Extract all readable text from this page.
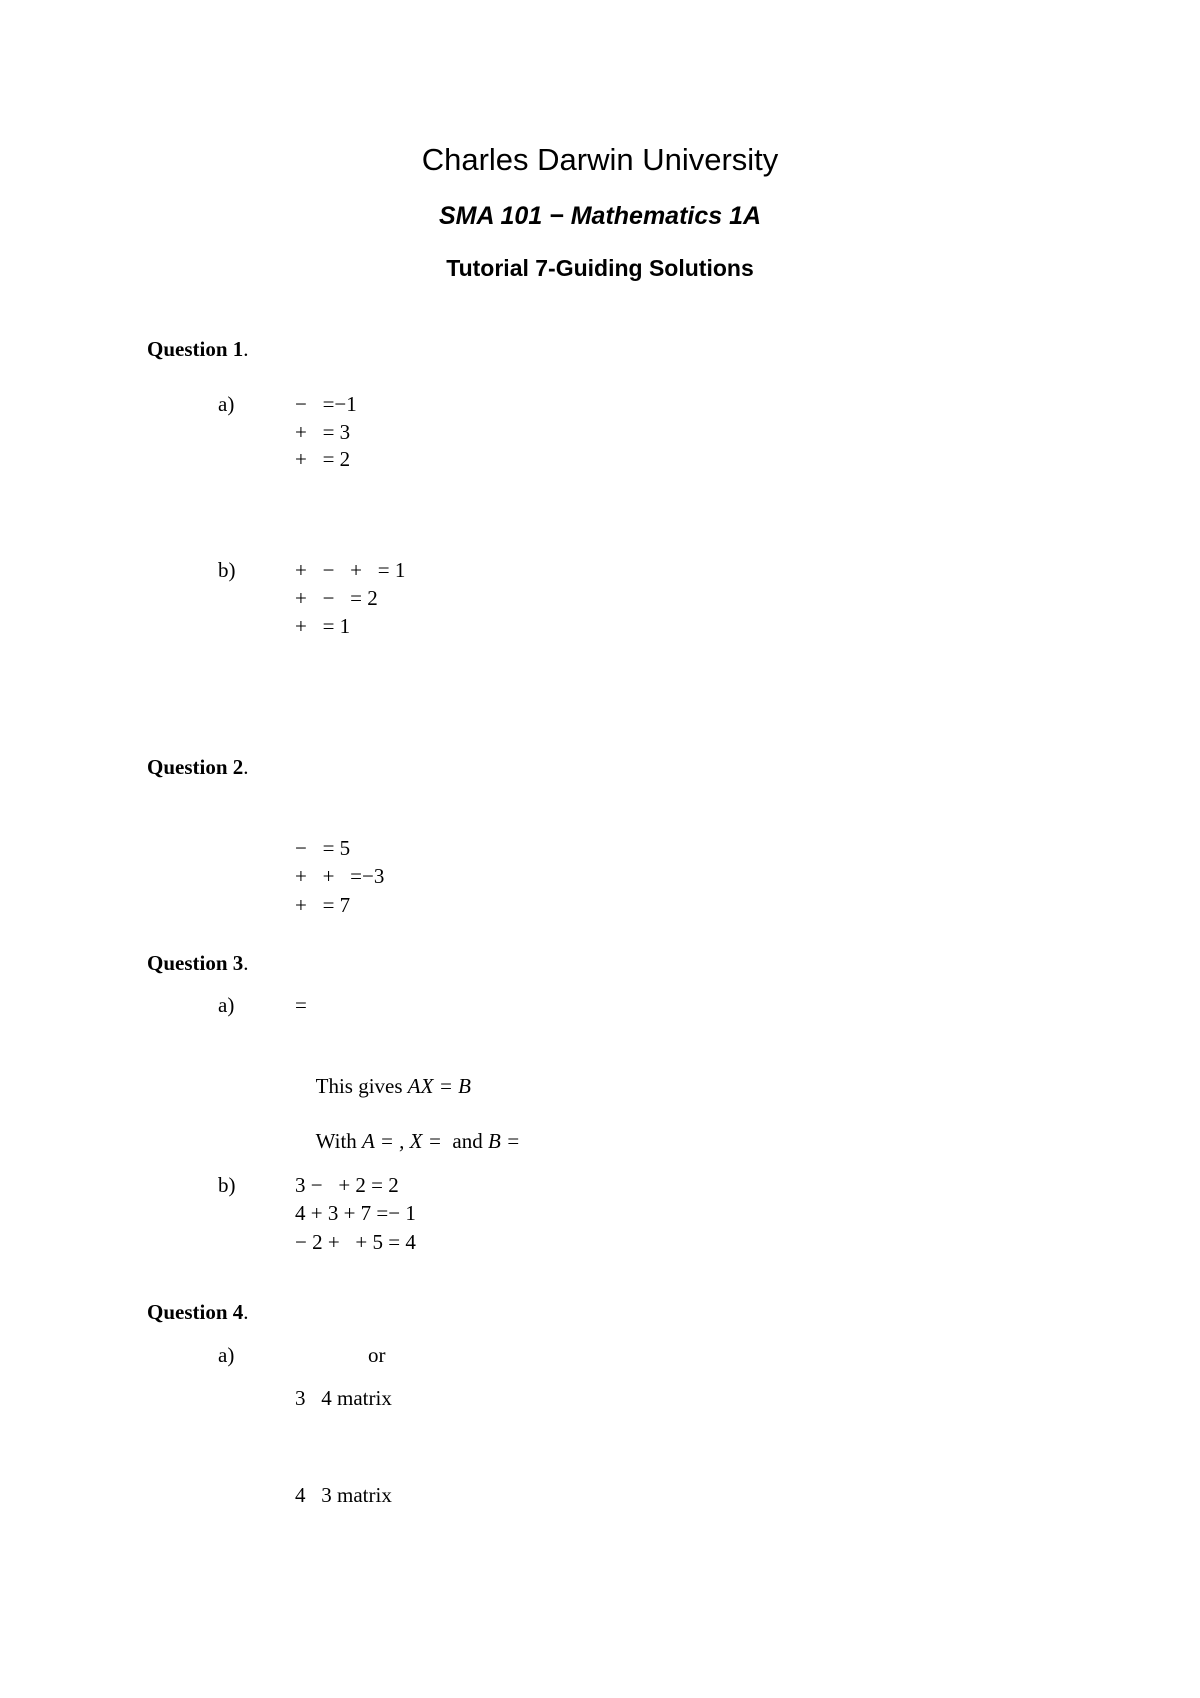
Charles Darwin University
SMA 101 − Mathematics 1A
Tutorial 7-Guiding Solutions
Question 1.
a)	−   =−1
+   = 3
+   = 2
b)	+   −   +   = 1
+   −   = 2
+   = 1
Question 2.
−   = 5
+   +   =−3
+   = 7
Question 3.
a)	=

This gives AX = B

With A = , X = and B =

b)	3 −   + 2 = 2
4 + 3 + 7 =− 1
− 2 +   + 5 = 4
Question 4.
a)	or
3   4 matrix
4   3 matrix
